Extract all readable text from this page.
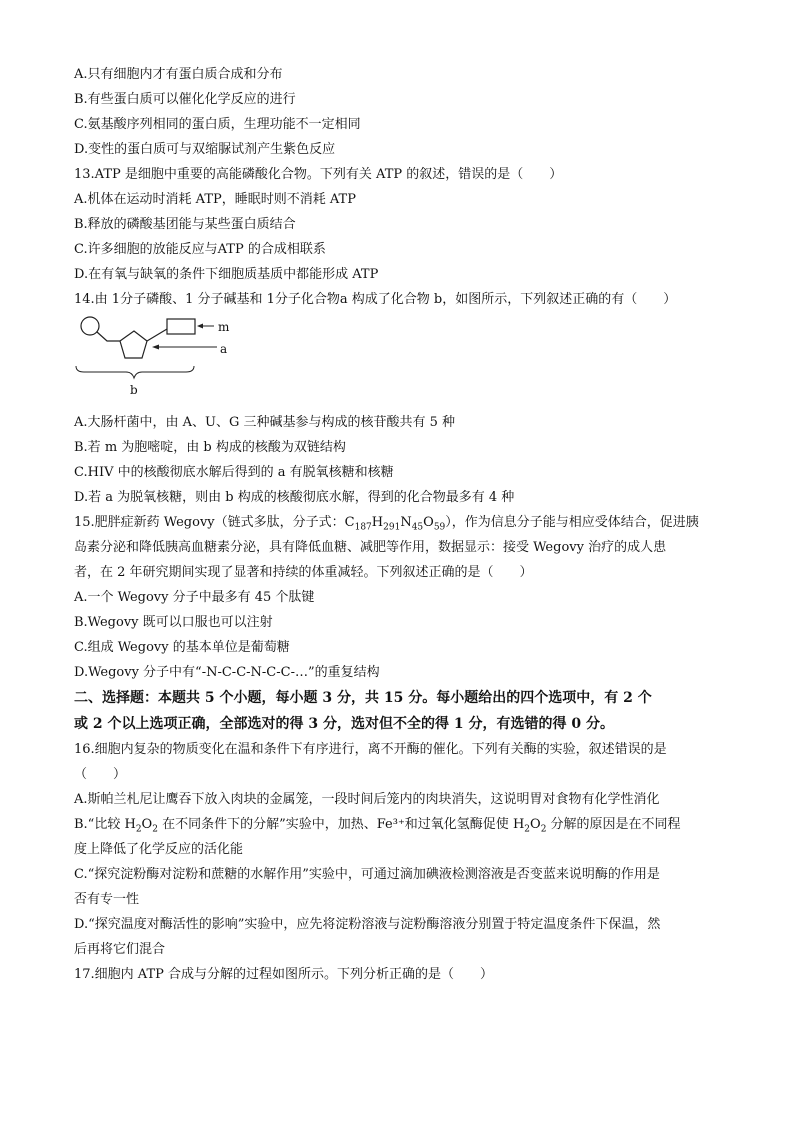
A.只有细胞内才有蛋白质合成和分布

B.有些蛋白质可以催化化学反应的进行

C.氨基酸序列相同的蛋白质，生理功能不一定相同

D.变性的蛋白质可与双缩脲试剂产生紫色反应

13.ATP 是细胞中重要的高能磷酸化合物。下列有关 ATP 的叙述，错误的是（　　）

A.机体在运动时消耗 ATP，睡眠时则不消耗 ATP

B.释放的磷酸基团能与某些蛋白质结合

C.许多细胞的放能反应与ATP 的合成相联系

D.在有氧与缺氧的条件下细胞质基质中都能形成 ATP

14.由 1分子磷酸、1 分子碱基和 1分子化合物a 构成了化合物 b，如图所示，下列叙述正确的有（　　）

m
a
b

A.大肠杆菌中，由 A、U、G 三种碱基参与构成的核苷酸共有 5 种

B.若 m 为胞嘧啶，由 b 构成的核酸为双链结构

C.HIV 中的核酸彻底水解后得到的 a 有脱氧核糖和核糖

D.若 a 为脱氧核糖，则由 b 构成的核酸彻底水解，得到的化合物最多有 4 种

15.肥胖症新药 Wegovy（链式多肽，分子式：$C_{187}H_{291}N_{45}O_{59}$），作为信息分子能与相应受体结合，促进胰

岛素分泌和降低胰高血糖素分泌，具有降低血糖、减肥等作用，数据显示：接受 Wegovy 治疗的成人患

者，在 2 年研究期间实现了显著和持续的体重减轻。下列叙述正确的是（　　）

A.一个 Wegovy 分子中最多有 45 个肽键

B.Wegovy 既可以口服也可以注射

C.组成 Wegovy 的基本单位是葡萄糖

D.Wegovy 分子中有“-N-C-C-N-C-C-…”的重复结构

二、选择题：本题共 5 个小题，每小题 3 分，共 15 分。每小题给出的四个选项中，有 2 个

或 2 个以上选项正确，全部选对的得 3 分，选对但不全的得 1 分，有选错的得 0 分。

16.细胞内复杂的物质变化在温和条件下有序进行，离不开酶的催化。下列有关酶的实验，叙述错误的是

（　　）

A.斯帕兰札尼让鹰吞下放入肉块的金属笼，一段时间后笼内的肉块消失，这说明胃对食物有化学性消化

B.“比较 $H_2O_2$ 在不同条件下的分解”实验中，加热、Fe³⁺和过氧化氢酶促使 $H_2O_2$ 分解的原因是在不同程

度上降低了化学反应的活化能

C.“探究淀粉酶对淀粉和蔗糖的水解作用”实验中，可通过滴加碘液检测溶液是否变蓝来说明酶的作用是

否有专一性

D.“探究温度对酶活性的影响”实验中，应先将淀粉溶液与淀粉酶溶液分别置于特定温度条件下保温，然

后再将它们混合

17.细胞内 ATP 合成与分解的过程如图所示。下列分析正确的是（　　）
